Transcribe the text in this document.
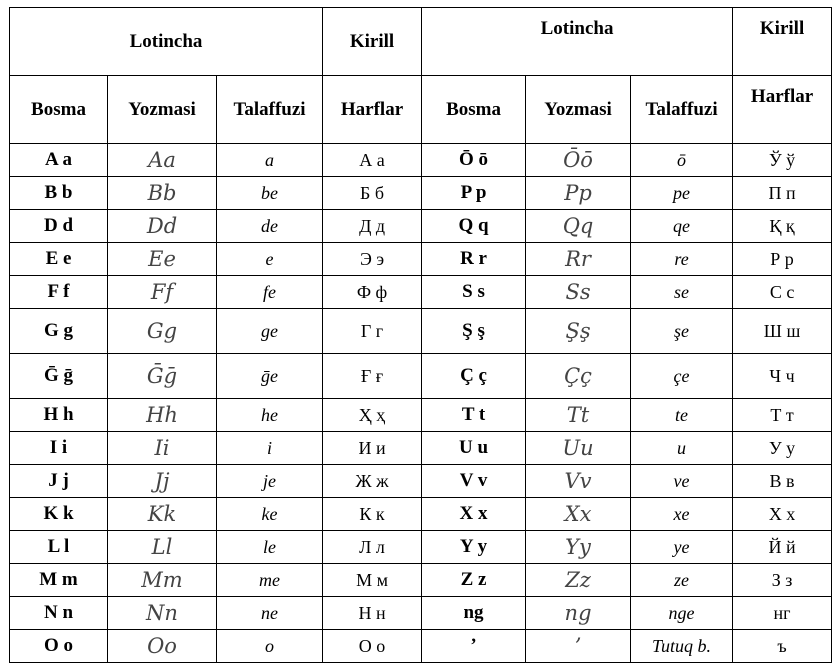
Lotincha			Kirill	Lotincha			Kirill
Bosma	Yozmasi	Talaffuzi	Harflar	Bosma	Yozmasi	Talaffuzi	Harflar
A a	Aa	a	А а	Ō ō	Ōō	ō	Ў ў
B b	Bb	be	Б б	P p	Pp	pe	П п
D d	Dd	de	Д д	Q q	Qq	qe	Қ қ
E e	Ee	e	Э э	R r	Rr	re	Р р
F f	Ff	fe	Ф ф	S s	Ss	se	С с
G g	Gg	ge	Г г	Ş ş	Şş	şe	Ш ш
Ḡ ḡ	Ḡḡ	ḡe	Ғ ғ	Ç ç	Çç	çe	Ч ч
H h	Hh	he	Ҳ ҳ	T t	Tt	te	Т т
I i	Ii	i	И и	U u	Uu	u	У у
J j	Jj	je	Ж ж	V v	Vv	ve	В в
K k	Kk	ke	К к	X x	Xx	xe	Х х
L l	Ll	le	Л л	Y y	Yy	ye	Й й
M m	Mm	me	М м	Z z	Zz	ze	З з
N n	Nn	ne	Н н	ng	ng	nge	нг
O o	Oo	o	О о	’	’	Tutuq b.	ъ
